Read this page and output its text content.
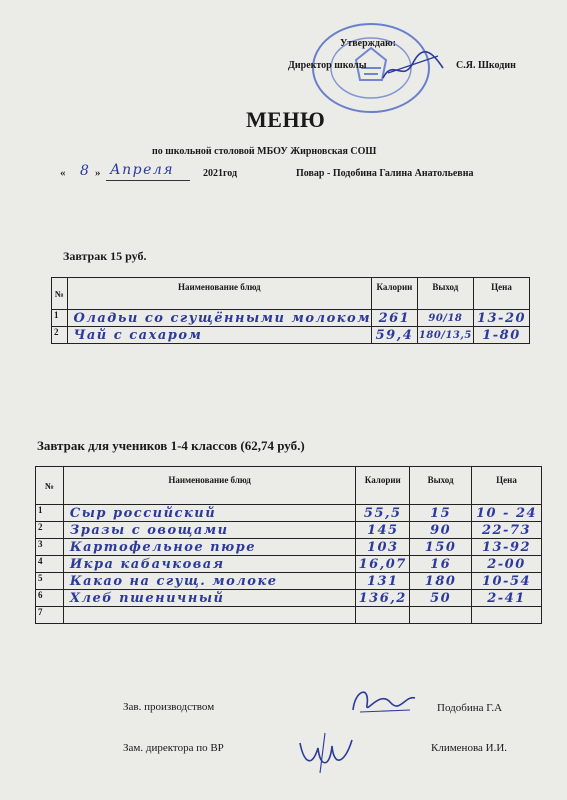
Утверждаю:
Директор школы	С.Я. Шкодин
МЕНЮ
по школьной столовой МБОУ Жирновская СОШ
« 8 » Апреля	2021год	Повар - Подобина Галина Анатольевна
Завтрак 15 руб.
№	Наименование блюд	Калории	Выход	Цена
1	Оладьи со сгущёнными молоком	261	90/18	13-20
2	Чай с сахаром	59,4	180/13,5	1-80
Завтрак для учеников 1-4 классов (62,74 руб.)
№	Наименование блюд	Калории	Выход	Цена
1	Сыр российский	55,5	15	10 - 24
2	Зразы с овощами	145	90	22-73
3	Картофельное пюре	103	150	13-92
4	Икра кабачковая	16,07	16	2-00
5	Какао на сгущ. молоке	131	180	10-54
6	Хлеб пшеничный	136,2	50	2-41
7				
Зав. производством	Подобина Г.А
Зам. директора по ВР	Клименова И.И.
